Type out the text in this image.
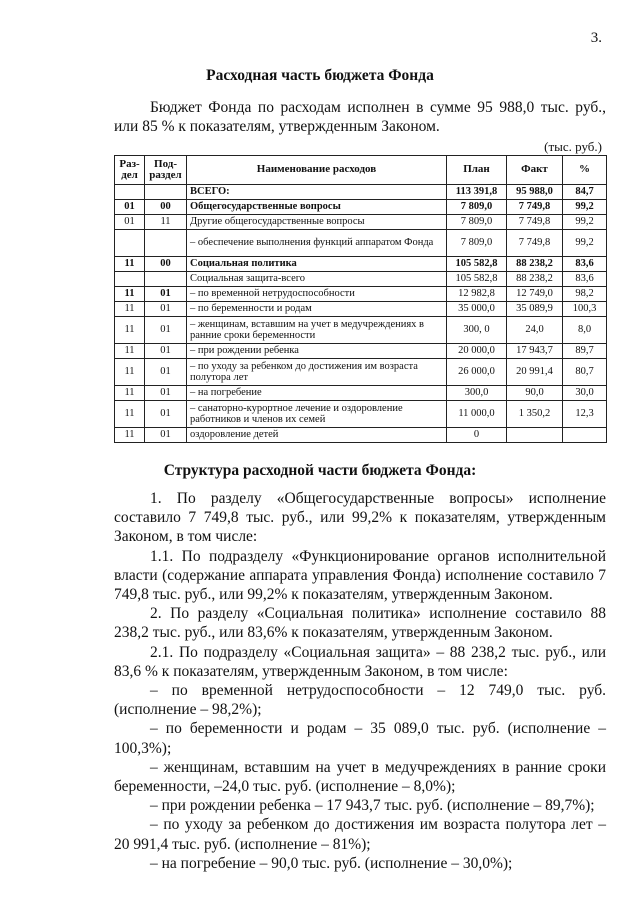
3.
Расходная часть бюджета Фонда
Бюджет Фонда по расходам исполнен в сумме 95 988,0 тыс. руб., или 85 % к показателям, утвержденным Законом.
(тыс. руб.)
Раз-дел	Под-раздел	Наименование расходов	План	Факт	%
		ВСЕГО:	113 391,8	95 988,0	84,7
01	00	Общегосударственные вопросы	7 809,0	7 749,8	99,2
01	11	Другие общегосударственные вопросы	7 809,0	7 749,8	99,2
		– обеспечение выполнения функций аппаратом Фонда	7 809,0	7 749,8	99,2
11	00	Социальная политика	105 582,8	88 238,2	83,6
		Социальная защита-всего	105 582,8	88 238,2	83,6
11	01	– по временной нетрудоспособности	12 982,8	12 749,0	98,2
11	01	– по беременности и родам	35 000,0	35 089,9	100,3
11	01	– женщинам, вставшим на учет в медучреждениях в ранние сроки беременности	300, 0	24,0	8,0
11	01	– при рождении ребенка	20 000,0	17 943,7	89,7
11	01	– по уходу за ребенком до достижения им возраста полутора лет	26 000,0	20 991,4	80,7
11	01	– на погребение	300,0	90,0	30,0
11	01	– санаторно-курортное лечение и оздоровление работников и членов их семей	11 000,0	1 350,2	12,3
11	01	оздоровление детей	0		
Структура расходной части бюджета Фонда:

1. По разделу «Общегосударственные вопросы» исполнение составило 7 749,8 тыс. руб., или 99,2% к показателям, утвержденным Законом, в том числе:

1.1. По подразделу «Функционирование органов исполнительной власти (содержание аппарата управления Фонда) исполнение составило 7 749,8 тыс. руб., или 99,2% к показателям, утвержденным Законом.

2. По разделу «Социальная политика» исполнение составило 88 238,2 тыс. руб., или 83,6% к показателям, утвержденным Законом.

2.1. По подразделу «Социальная защита» – 88 238,2 тыс. руб., или 83,6 % к показателям, утвержденным Законом, в том числе:

– по временной нетрудоспособности – 12 749,0 тыс. руб. (исполнение – 98,2%);

– по беременности и родам – 35 089,0 тыс. руб. (исполнение – 100,3%);

– женщинам, вставшим на учет в медучреждениях в ранние сроки беременности, –24,0 тыс. руб. (исполнение – 8,0%);

– при рождении ребенка – 17 943,7 тыс. руб. (исполнение – 89,7%);

– по уходу за ребенком до достижения им возраста полутора лет – 20 991,4 тыс. руб. (исполнение – 81%);

– на погребение – 90,0 тыс. руб. (исполнение – 30,0%);
